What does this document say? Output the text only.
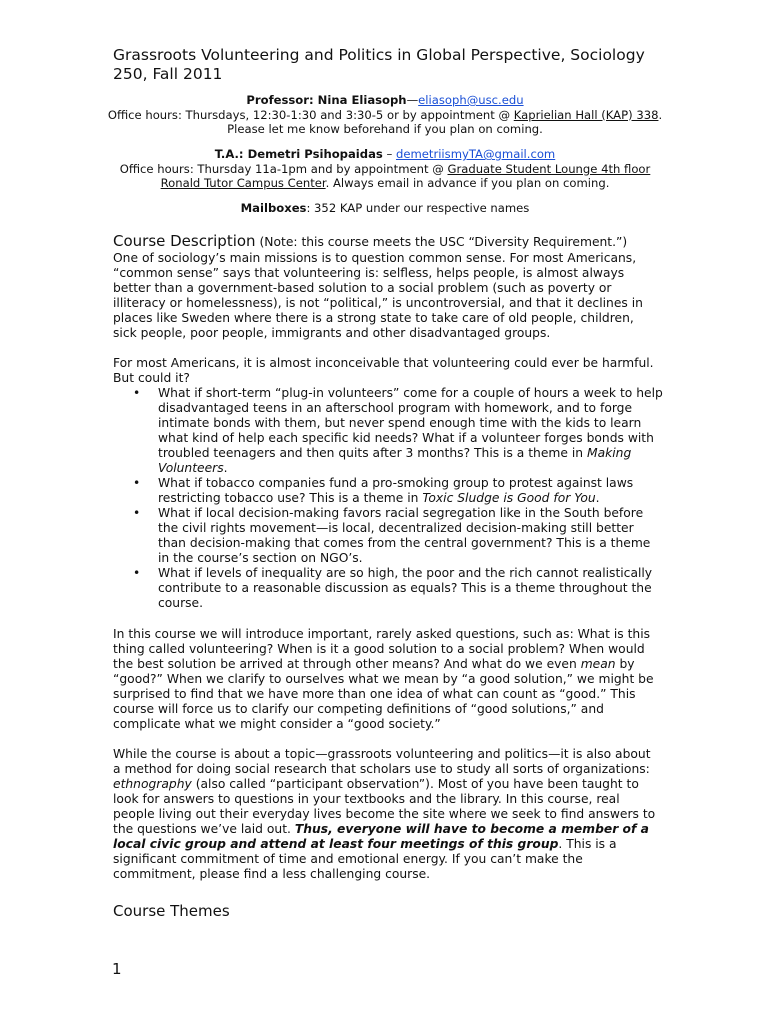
Grassroots Volunteering and Politics in Global Perspective, Sociology 250, Fall 2011
Professor: Nina Eliasoph—eliasoph@usc.edu
Office hours: Thursdays, 12:30-1:30 and 3:30-5 or by appointment @ Kaprielian Hall (KAP) 338.
Please let me know beforehand if you plan on coming.
T.A.: Demetri Psihopaidas – demetriismyTA@gmail.com
Office hours: Thursday 11a-1pm and by appointment @ Graduate Student Lounge 4th floor
Ronald Tutor Campus Center. Always email in advance if you plan on coming.
Mailboxes: 352 KAP under our respective names
Course Description (Note: this course meets the USC “Diversity Requirement.”)

One of sociology’s main missions is to question common sense. For most Americans, “common sense” says that volunteering is: selfless, helps people, is almost always better than a government-based solution to a social problem (such as poverty or illiteracy or homelessness), is not “political,” is uncontroversial, and that it declines in places like Sweden where there is a strong state to take care of old people, children, sick people, poor people, immigrants and other disadvantaged groups.

For most Americans, it is almost inconceivable that volunteering could ever be harmful. But could it?

• What if short-term “plug-in volunteers” come for a couple of hours a week to help disadvantaged teens in an afterschool program with homework, and to forge intimate bonds with them, but never spend enough time with the kids to learn what kind of help each specific kid needs? What if a volunteer forges bonds with troubled teenagers and then quits after 3 months? This is a theme in Making Volunteers.
• What if tobacco companies fund a pro-smoking group to protest against laws restricting tobacco use? This is a theme in Toxic Sludge is Good for You.
• What if local decision-making favors racial segregation like in the South before the civil rights movement—is local, decentralized decision-making still better than decision-making that comes from the central government? This is a theme in the course’s section on NGO’s.
• What if levels of inequality are so high, the poor and the rich cannot realistically contribute to a reasonable discussion as equals? This is a theme throughout the course.

In this course we will introduce important, rarely asked questions, such as: What is this thing called volunteering? When is it a good solution to a social problem? When would the best solution be arrived at through other means? And what do we even mean by “good?” When we clarify to ourselves what we mean by “a good solution,” we might be surprised to find that we have more than one idea of what can count as “good.” This course will force us to clarify our competing definitions of “good solutions,” and complicate what we might consider a “good society.”

While the course is about a topic—grassroots volunteering and politics—it is also about a method for doing social research that scholars use to study all sorts of organizations: ethnography (also called “participant observation”). Most of you have been taught to look for answers to questions in your textbooks and the library. In this course, real people living out their everyday lives become the site where we seek to find answers to the questions we’ve laid out. Thus, everyone will have to become a member of a local civic group and attend at least four meetings of this group. This is a significant commitment of time and emotional energy. If you can’t make the commitment, please find a less challenging course.

Course Themes
1
